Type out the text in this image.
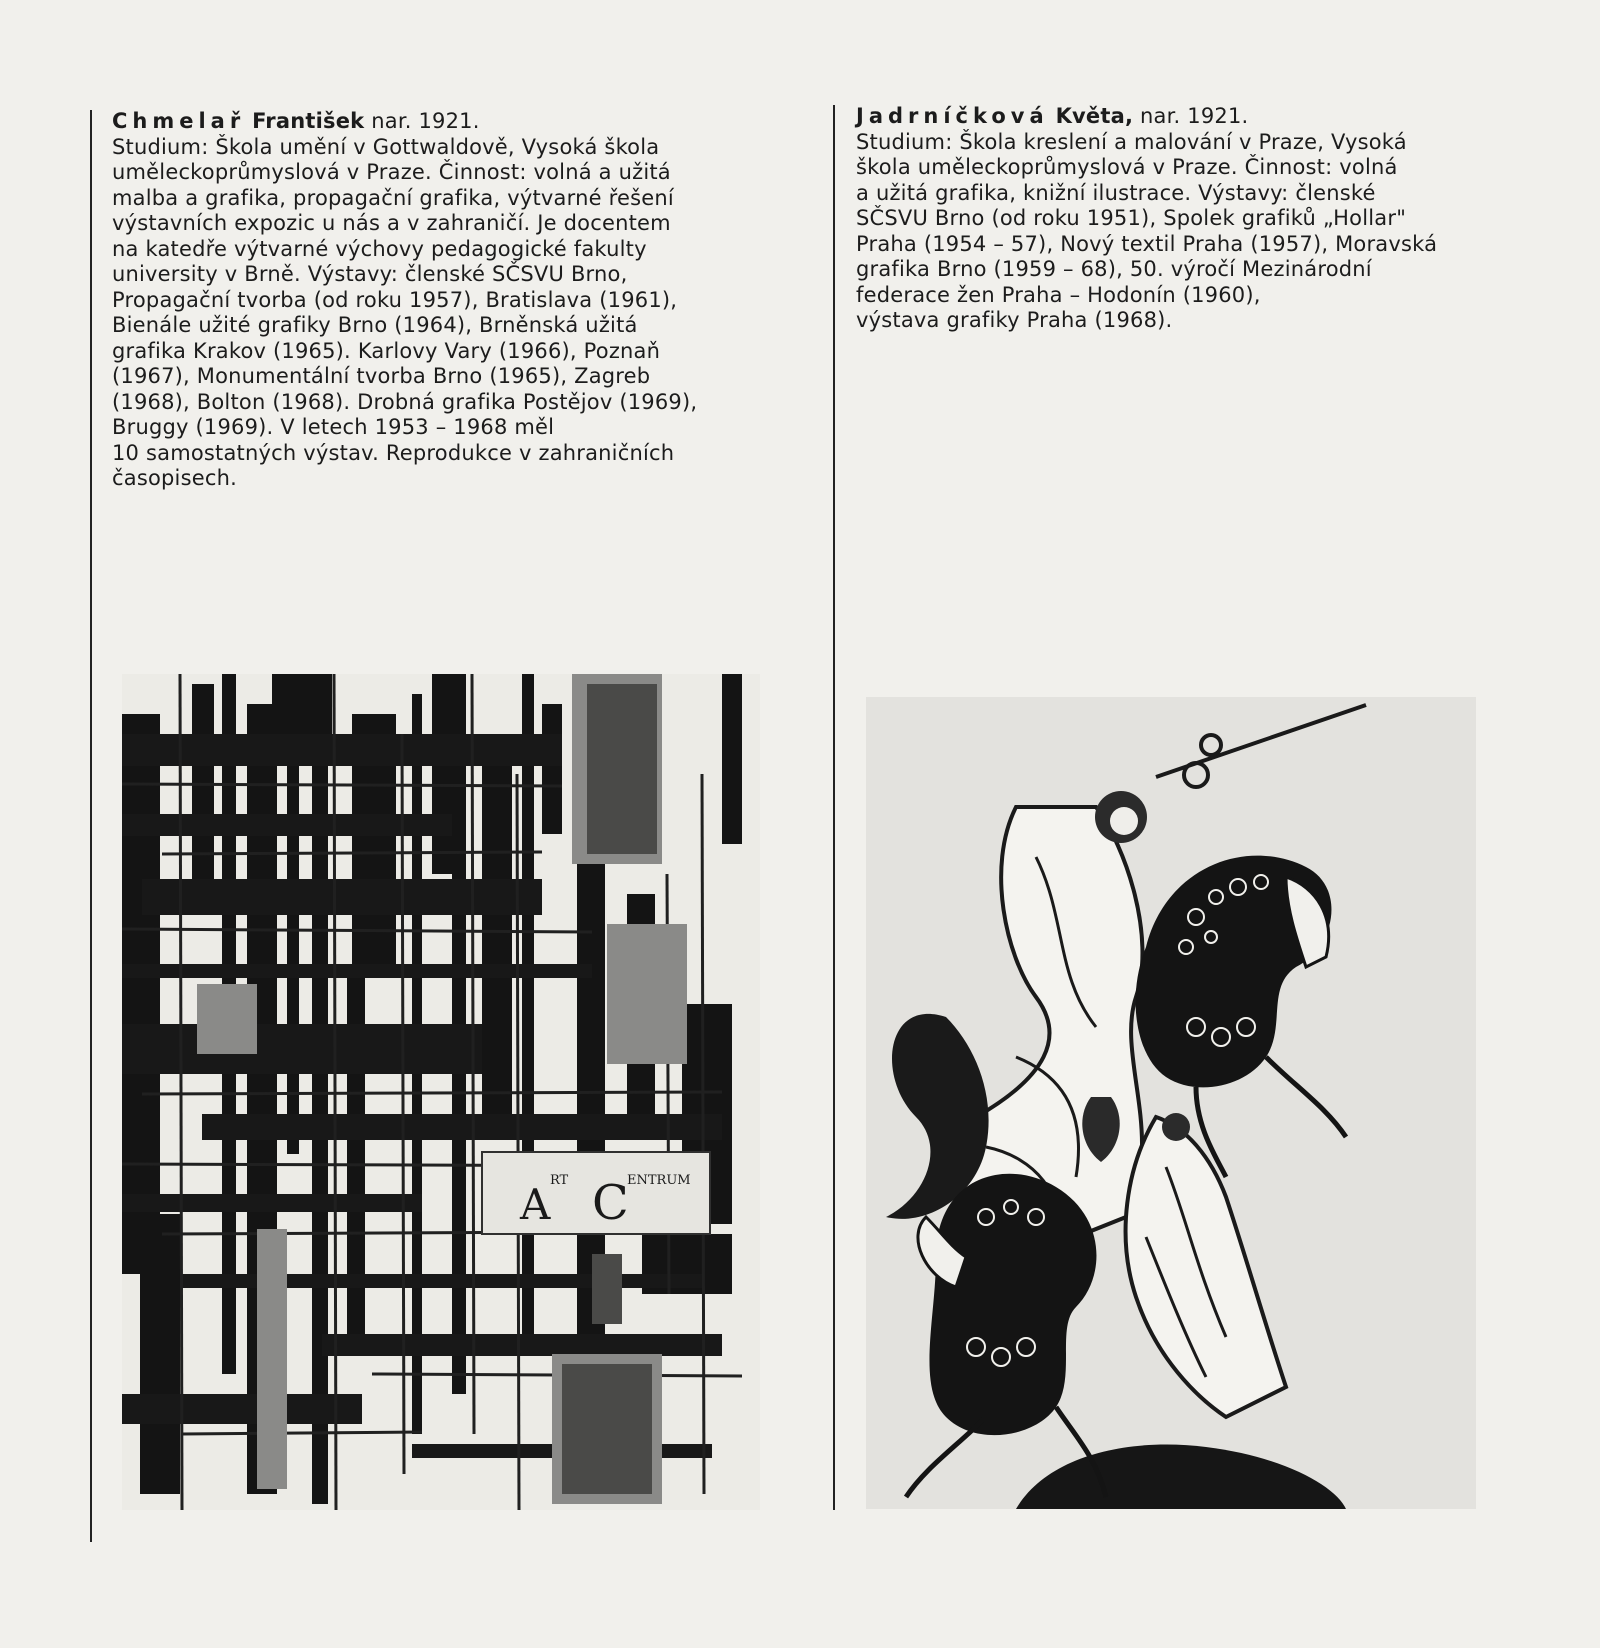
Chmelař František nar. 1921.
Studium: Škola umění v Gottwaldově, Vysoká škola
uměleckoprůmyslová v Praze. Činnost: volná a užitá
malba a grafika, propagační grafika, výtvarné řešení
výstavních expozic u nás a v zahraničí. Je docentem
na katedře výtvarné výchovy pedagogické fakulty
university v Brně. Výstavy: členské SČSVU Brno,
Propagační tvorba (od roku 1957), Bratislava (1961),
Bienále užité grafiky Brno (1964), Brněnská užitá
grafika Krakov (1965). Karlovy Vary (1966), Poznaň
(1967), Monumentální tvorba Brno (1965), Zagreb
(1968), Bolton (1968). Drobná grafika Postějov (1969),
Bruggy (1969). V letech 1953 – 1968 měl
10 samostatných výstav. Reprodukce v zahraničních
časopisech.
Jadrníčková Květa, nar. 1921.
Studium: Škola kreslení a malování v Praze, Vysoká
škola uměleckoprůmyslová v Praze. Činnost: volná
a užitá grafika, knižní ilustrace. Výstavy: členské
SČSVU Brno (od roku 1951), Spolek grafiků „Hollar"
Praha (1954 – 57), Nový textil Praha (1957), Moravská
grafika Brno (1959 – 68), 50. výročí Mezinárodní
federace žen Praha – Hodonín (1960),
výstava grafiky Praha (1968).
A RT C
ENTRUM
